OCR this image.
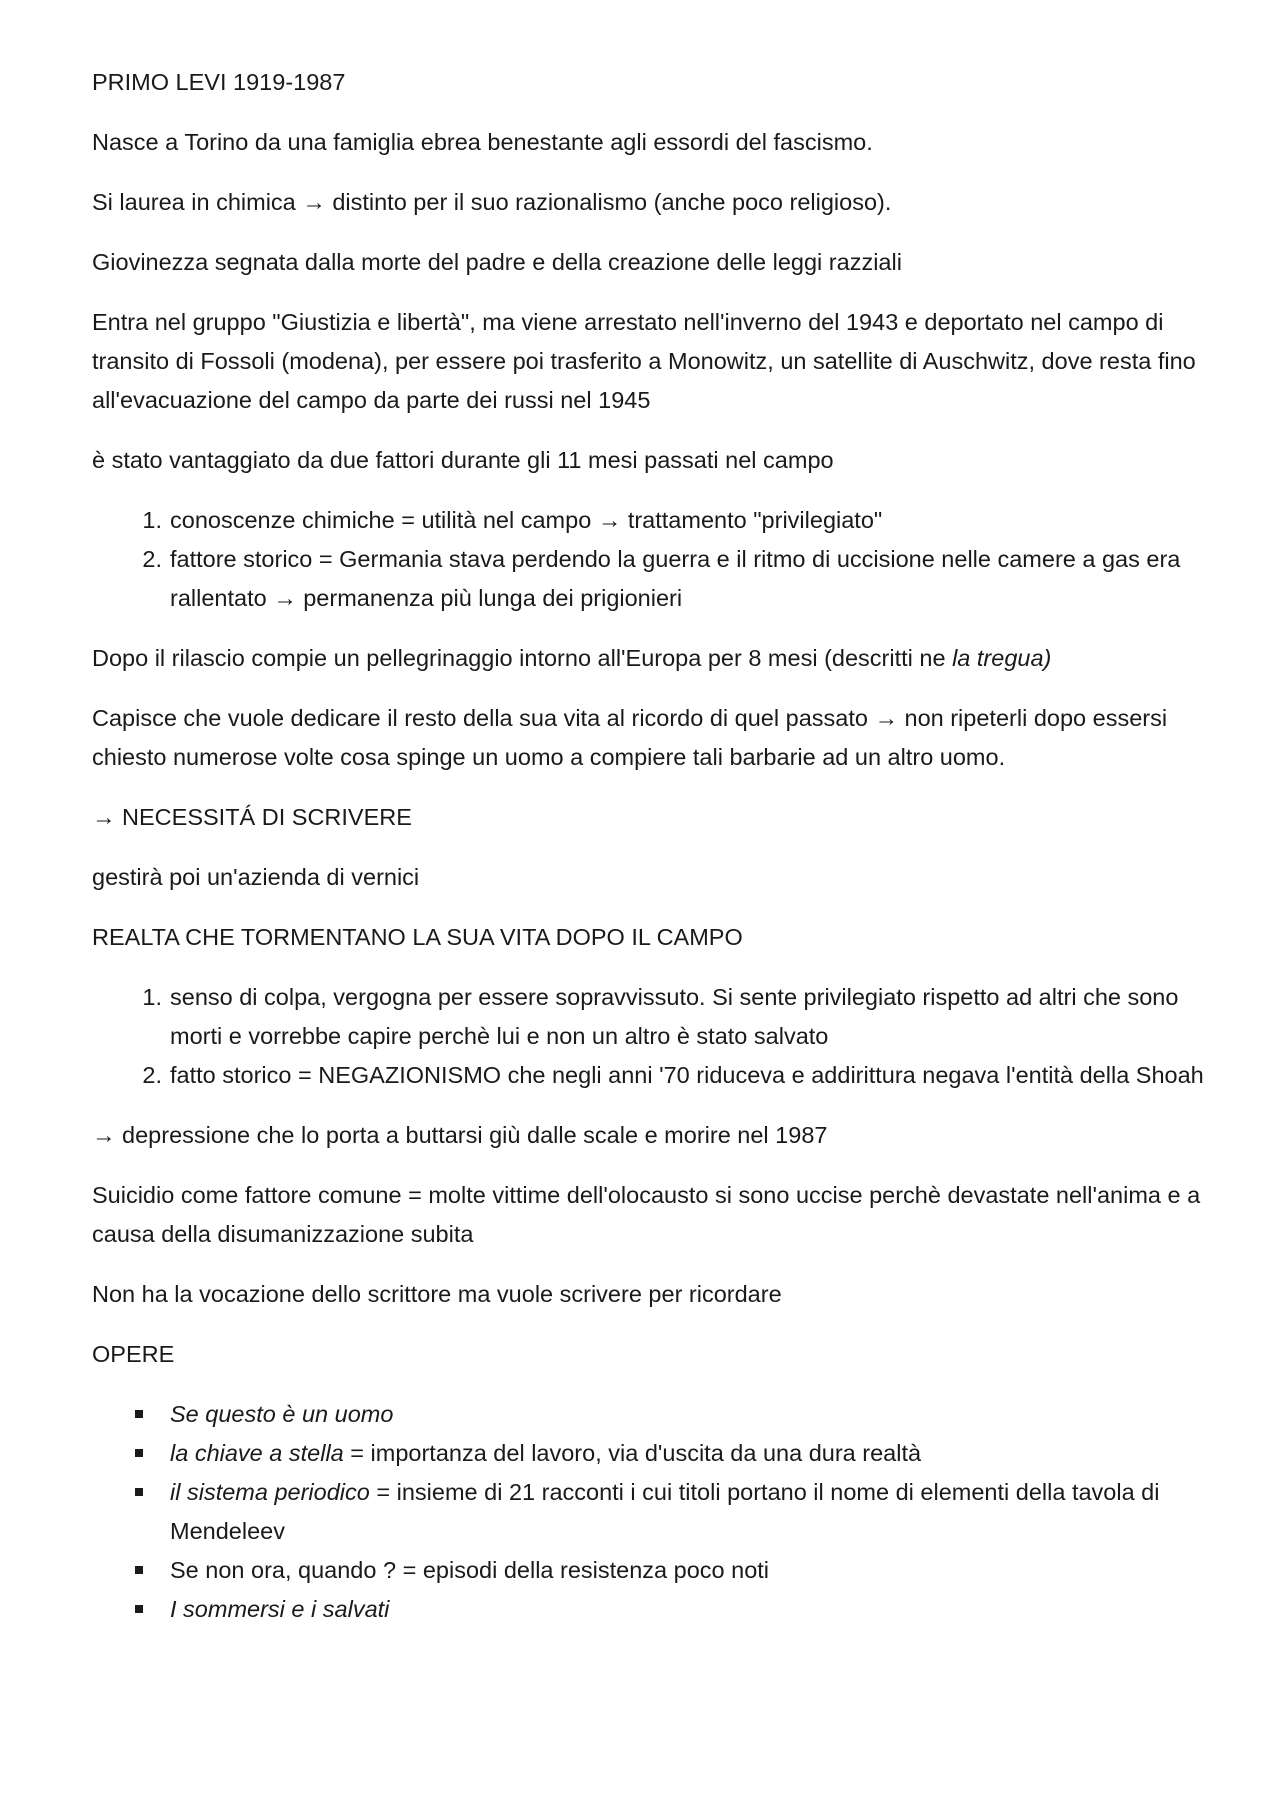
PRIMO LEVI 1919-1987

Nasce a Torino da una famiglia ebrea benestante agli essordi del fascismo.

Si laurea in chimica → distinto per il suo razionalismo (anche poco religioso).

Giovinezza segnata dalla morte del padre e della creazione delle leggi razziali

Entra nel gruppo "Giustizia e libertà", ma viene arrestato nell'inverno del 1943 e deportato nel campo di transito di Fossoli (modena), per essere poi trasferito a Monowitz, un satellite di Auschwitz, dove resta fino all'evacuazione del campo da parte dei russi nel 1945

è stato vantaggiato da due fattori durante gli 11 mesi passati nel campo

1. conoscenze chimiche = utilità nel campo → trattamento "privilegiato"
2. fattore storico = Germania stava perdendo la guerra e il ritmo di uccisione nelle camere a gas era rallentato → permanenza più lunga dei prigionieri

Dopo il rilascio compie un pellegrinaggio intorno all'Europa per 8 mesi (descritti ne la tregua)

Capisce che vuole dedicare il resto della sua vita al ricordo di quel passato → non ripeterli dopo essersi chiesto numerose volte cosa spinge un uomo a compiere tali barbarie ad un altro uomo.

→ NECESSITÁ DI SCRIVERE

gestirà poi un'azienda di vernici

REALTA CHE TORMENTANO LA SUA VITA DOPO IL CAMPO

1. senso di colpa, vergogna per essere sopravvissuto. Si sente privilegiato rispetto ad altri che sono morti e vorrebbe capire perchè lui e non un altro è stato salvato
2. fatto storico = NEGAZIONISMO che negli anni '70 riduceva e addirittura negava l'entità della Shoah

→ depressione che lo porta a buttarsi giù dalle scale e morire nel 1987

Suicidio come fattore comune = molte vittime dell'olocausto si sono uccise perchè devastate nell'anima e a causa della disumanizzazione subita

Non ha la vocazione dello scrittore ma vuole scrivere per ricordare

OPERE

Se questo è un uomo
la chiave a stella = importanza del lavoro, via d'uscita da una dura realtà
il sistema periodico = insieme di 21 racconti i cui titoli portano il nome di elementi della tavola di Mendeleev
Se non ora, quando ? = episodi della resistenza poco noti
I sommersi e i salvati
